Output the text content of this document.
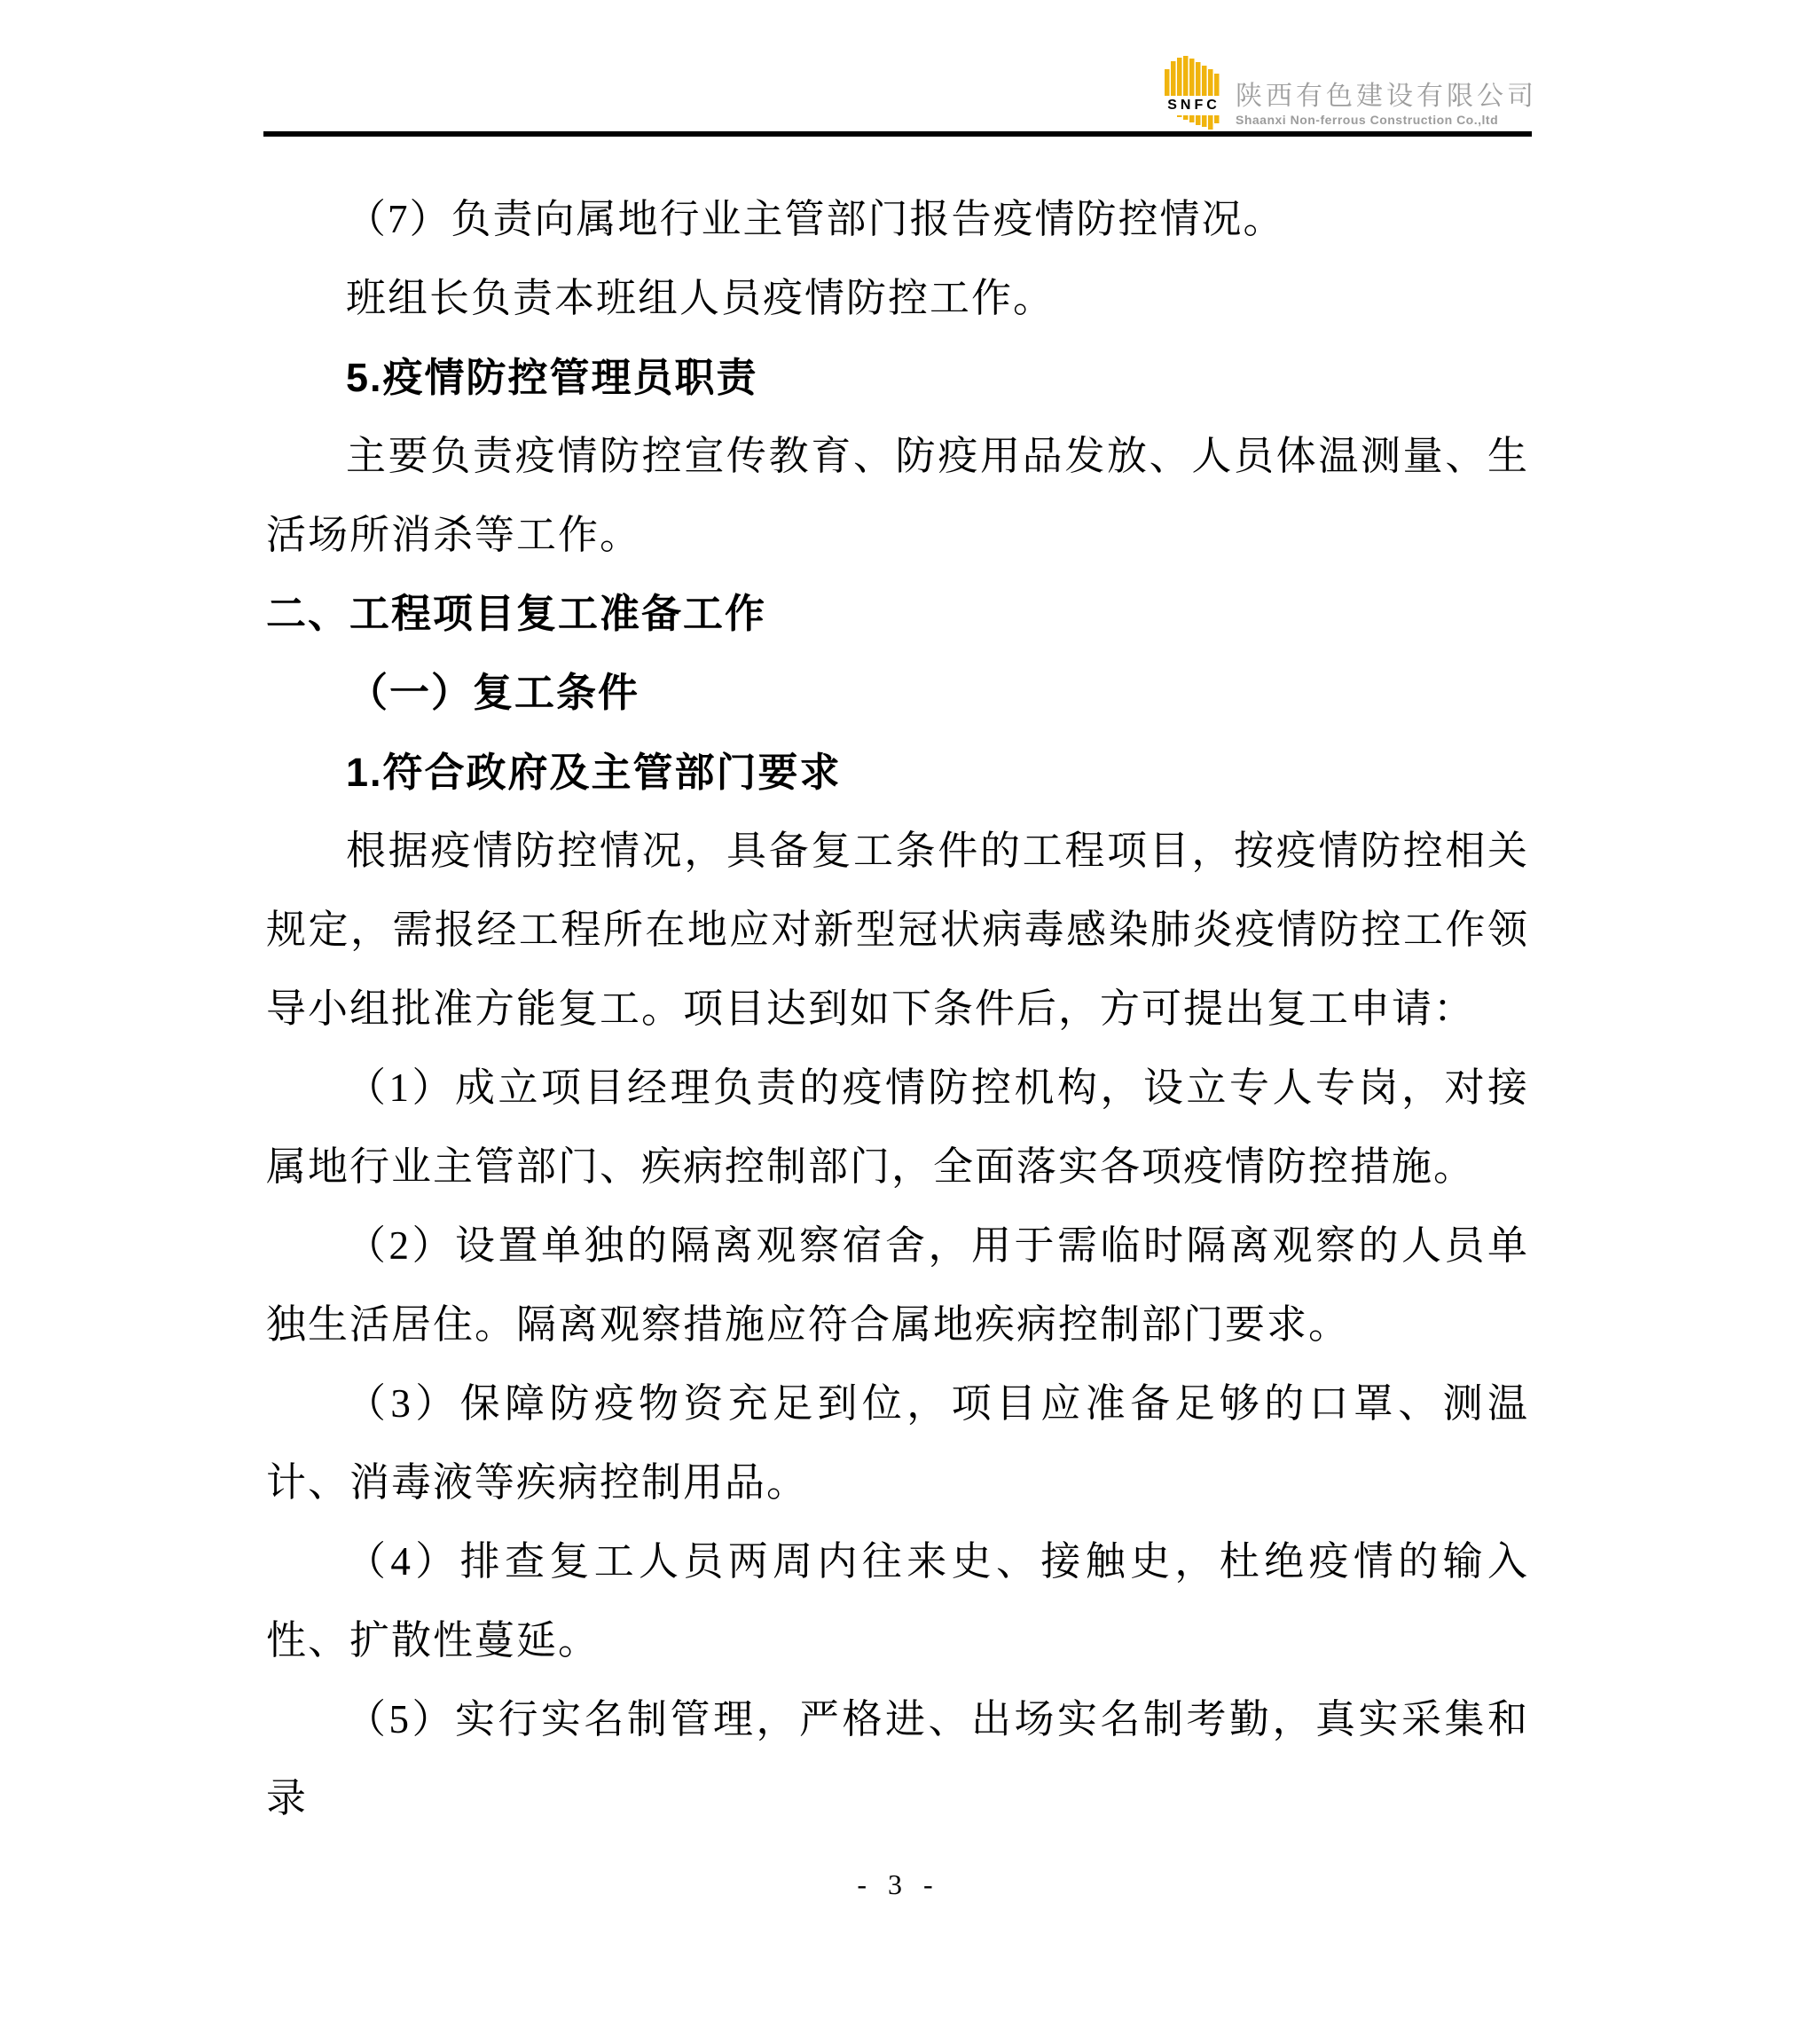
SNFC 陕西有色建设有限公司
Shaanxi Non-ferrous Construction Co.,ltd

（7）负责向属地行业主管部门报告疫情防控情况。

班组长负责本班组人员疫情防控工作。

5.疫情防控管理员职责

主要负责疫情防控宣传教育、防疫用品发放、人员体温测量、生活场所消杀等工作。

二、工程项目复工准备工作
（一）复工条件
1.符合政府及主管部门要求

根据疫情防控情况，具备复工条件的工程项目，按疫情防控相关规定，需报经工程所在地应对新型冠状病毒感染肺炎疫情防控工作领导小组批准方能复工。项目达到如下条件后，方可提出复工申请：

（1）成立项目经理负责的疫情防控机构，设立专人专岗，对接属地行业主管部门、疾病控制部门，全面落实各项疫情防控措施。

（2）设置单独的隔离观察宿舍，用于需临时隔离观察的人员单独生活居住。隔离观察措施应符合属地疾病控制部门要求。

（3）保障防疫物资充足到位，项目应准备足够的口罩、测温计、消毒液等疾病控制用品。

（4）排查复工人员两周内往来史、接触史，杜绝疫情的输入性、扩散性蔓延。

（5）实行实名制管理，严格进、出场实名制考勤，真实采集和录

- 3 -
